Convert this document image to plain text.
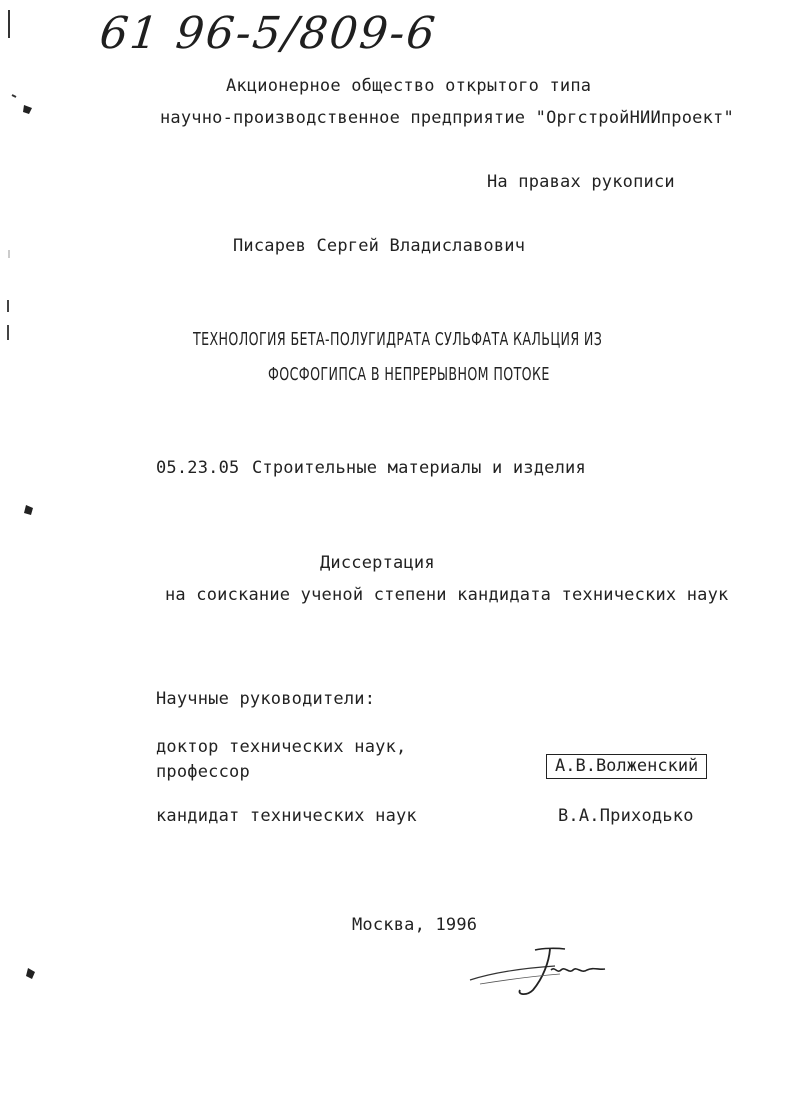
61 96-5/809-6
Акционерное общество открытого типа
научно-производственное предприятие "ОргстройНИИпроект"
На правах рукописи
Писарев Сергей Владиславович
ТЕХНОЛОГИЯ БЕТА-ПОЛУГИДРАТА СУЛЬФАТА КАЛЬЦИЯ ИЗ
ФОСФОГИПСА В НЕПРЕРЫВНОМ ПОТОКЕ
05.23.05 Строительные материалы и изделия
Диссертация
на соискание ученой степени кандидата технических наук
Научные руководители:
доктор технических наук,
профессор	А.В.Волженский
кандидат технических наук	В.А.Приходько
Москва, 1996
